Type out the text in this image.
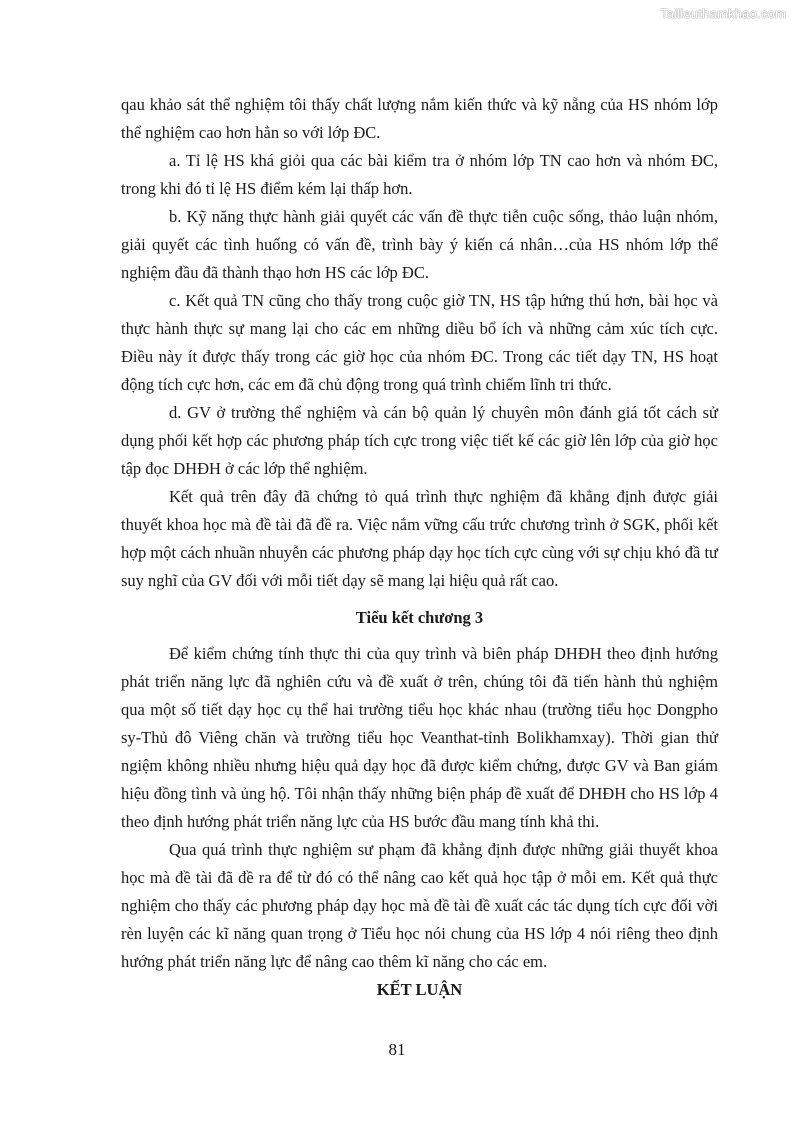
Tailieuthamkhao.com

qau khảo sát thể nghiệm tôi thấy chất lượng nắm kiến thức và kỹ nẵng của HS nhóm lớp thể nghiệm cao hơn hẳn so với lớp ĐC.

a. Tỉ lệ HS khá giỏi qua các bài kiểm tra ở nhóm lớp TN cao hơn và nhóm ĐC, trong khi đó tỉ lệ HS điểm kém lại thấp hơn.

b. Kỹ năng thực hành giải quyết các vấn đề thực tiễn cuộc sống, thảo luận nhóm, giải quyết các tình huống có vấn đề, trình bày ý kiến cá nhân…của HS nhóm lớp thể nghiệm đầu đã thành thạo hơn HS các lớp ĐC.

c. Kết quả TN cũng cho thấy trong cuộc giờ TN, HS tập hứng thú hơn, bài học và thực hành thực sự mang lại cho các em những diều bổ ích và những cảm xúc tích cực. Điều này ít được thấy trong các giờ học của nhóm ĐC. Trong các tiết dạy TN, HS hoạt động tích cực hơn, các em đã chủ động trong quá trình chiếm lĩnh tri thức.

d. GV ở trường thể nghiệm và cán bộ quản lý chuyên môn đánh giá tốt cách sử dụng phối kết hợp các phương pháp tích cực trong việc tiết kế các giờ lên lớp của giờ học tập đọc DHĐH ở các lớp thể nghiệm.

Kết quả trên đây đã chứng tỏ quá trình thực nghiệm đã khẳng định được giải thuyết khoa học mà đề tài đã đề ra. Việc nắm vững cấu trức chương trình ở SGK, phối kết hợp một cách nhuần nhuyễn các phương pháp dạy học tích cực cùng với sự chịu khó đầ tư suy nghĩ của GV đối với mỗi tiết dạy sẽ mang lại hiệu quả rất cao.

Tiểu kết chương 3

Để kiểm chứng tính thực thi của quy trình và biên pháp DHĐH theo định hướng phát triển năng lực đã nghiên cứu và đề xuất ở trên, chúng tôi đã tiến hành thủ nghiệm qua một số tiết dạy học cụ thể hai trường tiểu học khác nhau (trường tiểu học Dongpho sy-Thủ đô Viêng chăn và trường tiểu học Veanthat-tỉnh Bolikhamxay). Thời gian thử ngiệm không nhiều nhưng hiệu quả dạy học đã được kiểm chứng, được GV và Ban giám hiệu đồng tình và ủng hộ. Tôi nhận thấy những biện pháp đề xuất để DHĐH cho HS lớp 4 theo định hướng phát triển năng lực của HS bước đầu mang tính khả thi.

Qua quá trình thực nghiệm sư phạm đã khẳng định được những giải thuyết khoa học mà đề tài đã đề ra để từ đó có thể nâng cao kết quả học tập ở mỗi em. Kết quả thực nghiệm cho thấy các phương pháp dạy học mà đề tài đề xuất các tác dụng tích cực đối vời rèn luyện các kĩ năng quan trọng ở Tiểu học nói chung của HS lớp 4 nói riêng theo định hướng phát triển năng lực để nâng cao thêm kĩ năng cho các em.

KẾT LUẬN

81
